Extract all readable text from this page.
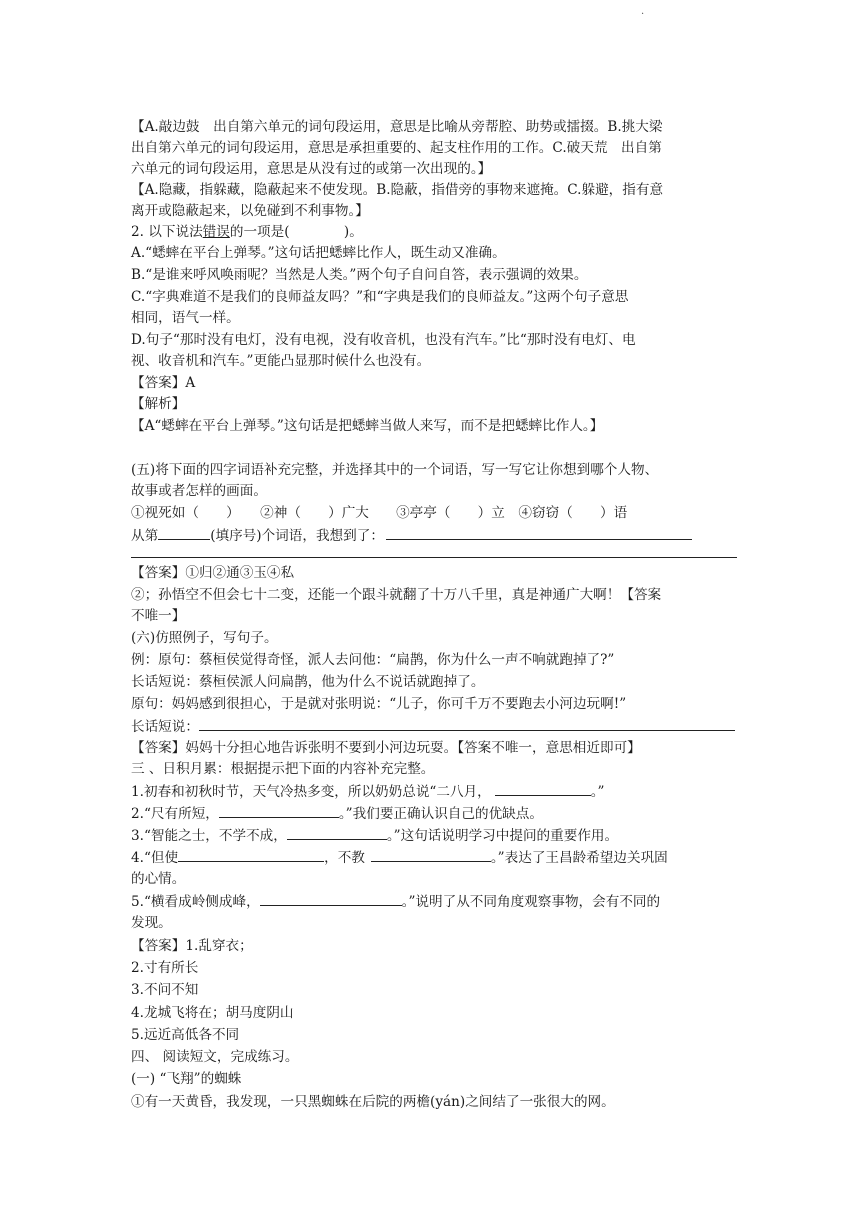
.
【A.敲边鼓　出自第六单元的词句段运用，意思是比喻从旁帮腔、助势或擂掇。B.挑大梁
出自第六单元的词句段运用，意思是承担重要的、起支柱作用的工作。C.破天荒　出自第
六单元的词句段运用，意思是从没有过的或第一次出现的。】
【A.隐藏，指躲藏，隐蔽起来不使发现。B.隐蔽，指借旁的事物来遮掩。C.躲避，指有意
离开或隐蔽起来，以免碰到不利事物。】
2. 以下说法错误的一项是(　　　　)。
A.“蟋蟀在平台上弹琴。”这句话把蟋蟀比作人，既生动又准确。
B.“是谁来呼风唤雨呢？当然是人类。”两个句子自问自答，表示强调的效果。
C.“字典难道不是我们的良师益友吗？”和“字典是我们的良师益友。”这两个句子意思
相同，语气一样。
D.句子“那时没有电灯，没有电视，没有收音机，也没有汽车。”比“那时没有电灯、电
视、收音机和汽车。”更能凸显那时候什么也没有。
【答案】A
【解析】
【A“蟋蟀在平台上弹琴。”这句话是把蟋蟀当做人来写，而不是把蟋蟀比作人。】
(五)将下面的四字词语补充完整，并选择其中的一个词语，写一写它让你想到哪个人物、
故事或者怎样的画面。
①视死如（　　）　　②神（　　）广大　　③亭亭（　　）立　④窃窃（　　）语
从第	(填序号)个词语，我想到了：
【答案】①归②通③玉④私
②；孙悟空不但会七十二变，还能一个跟斗就翻了十万八千里，真是神通广大啊！【答案
不唯一】
(六)仿照例子，写句子。
例：原句：蔡桓侯觉得奇怪，派人去问他：“扁鹊，你为什么一声不响就跑掉了?”
长话短说：蔡桓侯派人问扁鹊，他为什么不说话就跑掉了。
原句：妈妈感到很担心，于是就对张明说：“儿子，你可千万不要跑去小河边玩啊!”
长话短说：
【答案】妈妈十分担心地告诉张明不要到小河边玩耍。【答案不唯一，意思相近即可】
三 、日积月累：根据提示把下面的内容补充完整。
1.初春和初秋时节，天气冷热多变，所以奶奶总说“二八月，	。”
2.“尺有所短，	。”我们要正确认识自己的优缺点。
3.“智能之士，不学不成，	。”这句话说明学习中提问的重要作用。
4.“但使	，不教	。”表达了王昌龄希望边关巩固
的心情。
5.“横看成岭侧成峰，	。”说明了从不同角度观察事物，会有不同的
发现。
【答案】1.乱穿衣；
2.寸有所长
3.不问不知
4.龙城飞将在；胡马度阴山
5.远近高低各不同
四、 阅读短文，完成练习。
(一) “飞翔”的蜘蛛
①有一天黄昏，我发现，一只黑蜘蛛在后院的两檐(yán)之间结了一张很大的网。
